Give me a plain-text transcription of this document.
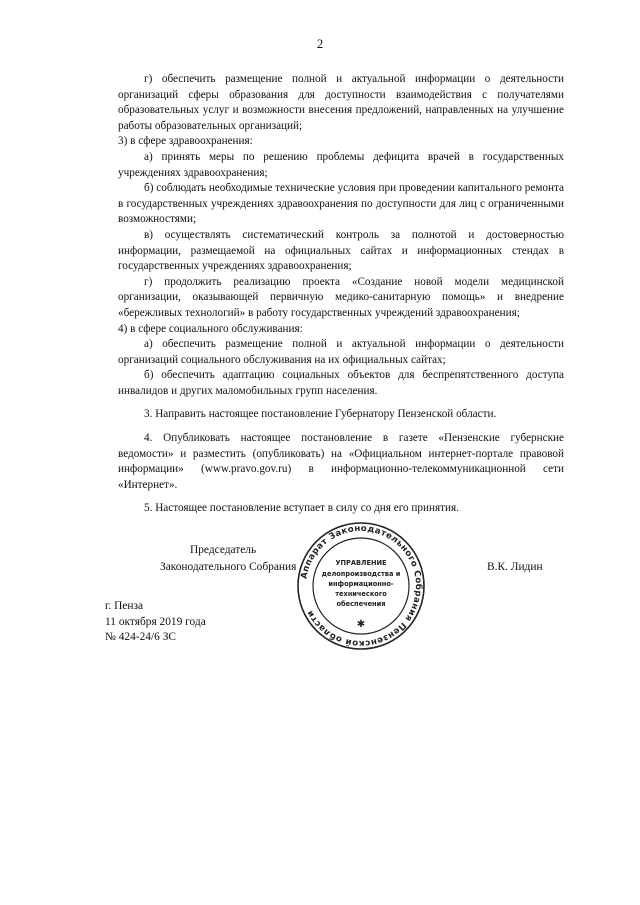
2

г) обеспечить размещение полной и актуальной информации о деятельности организаций сферы образования для доступности взаимодействия с получателями образовательных услуг и возможности внесения предложений, направленных на улучшение работы образовательных организаций;

3) в сфере здравоохранения:

а) принять меры по решению проблемы дефицита врачей в государственных учреждениях здравоохранения;

б) соблюдать необходимые технические условия при проведении капитального ремонта в государственных учреждениях здравоохранения по доступности для лиц с ограниченными возможностями;

в) осуществлять систематический контроль за полнотой и достоверностью информации, размещаемой на официальных сайтах и информационных стендах в государственных учреждениях здравоохранения;

г) продолжить реализацию проекта «Создание новой модели медицинской организации, оказывающей первичную медико-санитарную помощь» и внедрение «бережливых технологий» в работу государственных учреждений здравоохранения;

4) в сфере социального обслуживания:

а) обеспечить размещение полной и актуальной информации о деятельности организаций социального обслуживания на их официальных сайтах;

б) обеспечить адаптацию социальных объектов для беспрепятственного доступа инвалидов и других маломобильных групп населения.

3. Направить настоящее постановление Губернатору Пензенской области.

4. Опубликовать настоящее постановление в газете «Пензенские губернские ведомости» и разместить (опубликовать) на «Официальном интернет-портале правовой информации» (www.pravo.gov.ru) в информационно-телекоммуникационной сети «Интернет».

5. Настоящее постановление вступает в силу со дня его принятия.

Председатель
Законодательного Собрания	В.К. Лидин
г. Пенза
11 октября 2019 года
№ 424-24/6 ЗС
Аппарат Законодательного Собрания Пензенской области
УПРАВЛЕНИЕ
делопроизводства и
информационно-
технического
обеспечения
✱
